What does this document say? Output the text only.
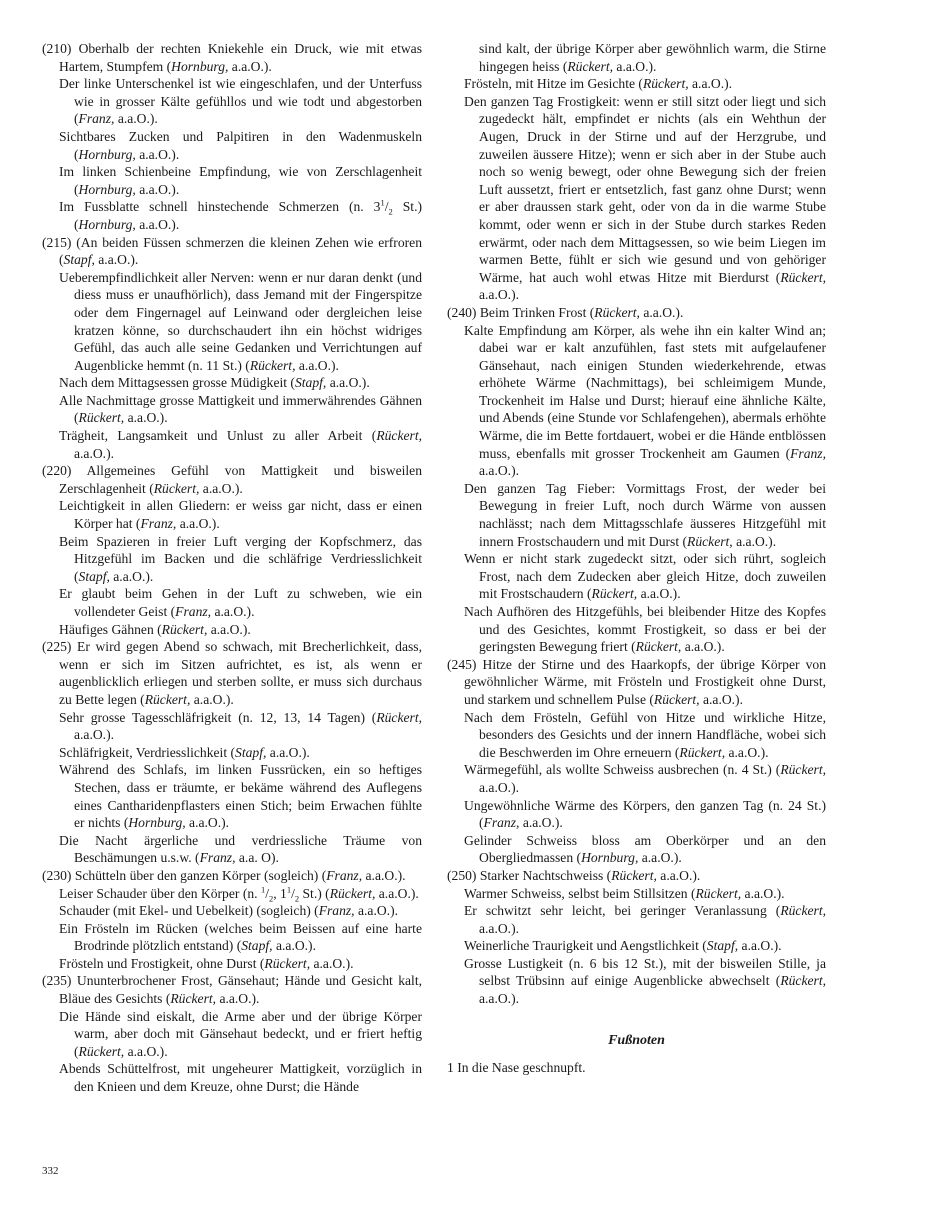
(210) Oberhalb der rechten Kniekehle ein Druck, wie mit etwas Hartem, Stumpfem (Hornburg, a.a.O.).

Der linke Unterschenkel ist wie eingeschlafen, und der Unterfuss wie in grosser Kälte gefühllos und wie todt und abgestorben (Franz, a.a.O.).

Sichtbares Zucken und Palpitiren in den Wadenmuskeln (Hornburg, a.a.O.).

Im linken Schienbeine Empfindung, wie von Zerschlagenheit (Hornburg, a.a.O.).

Im Fussblatte schnell hinstechende Schmerzen (n. $3^1/_2$ St.) (Hornburg, a.a.O.).

(215) (An beiden Füssen schmerzen die kleinen Zehen wie erfroren (Stapf, a.a.O.).

Ueberempfindlichkeit aller Nerven: wenn er nur daran denkt (und diess muss er unaufhörlich), dass Jemand mit der Fingerspitze oder dem Fingernagel auf Leinwand oder dergleichen leise kratzen könne, so durchschaudert ihn ein höchst widriges Gefühl, das auch alle seine Gedanken und Verrichtungen auf Augenblicke hemmt (n. 11 St.) (Rückert, a.a.O.).

Nach dem Mittagsessen grosse Müdigkeit (Stapf, a.a.O.).

Alle Nachmittage grosse Mattigkeit und immerwährendes Gähnen (Rückert, a.a.O.).

Trägheit, Langsamkeit und Unlust zu aller Arbeit (Rückert, a.a.O.).

(220) Allgemeines Gefühl von Mattigkeit und bisweilen Zerschlagenheit (Rückert, a.a.O.).

Leichtigkeit in allen Gliedern: er weiss gar nicht, dass er einen Körper hat (Franz, a.a.O.).

Beim Spazieren in freier Luft verging der Kopfschmerz, das Hitzgefühl im Backen und die schläfrige Verdriesslichkeit (Stapf, a.a.O.).

Er glaubt beim Gehen in der Luft zu schweben, wie ein vollendeter Geist (Franz, a.a.O.).

Häufiges Gähnen (Rückert, a.a.O.).

(225) Er wird gegen Abend so schwach, mit Brecherlichkeit, dass, wenn er sich im Sitzen aufrichtet, es ist, als wenn er augenblicklich erliegen und sterben sollte, er muss sich durchaus zu Bette legen (Rückert, a.a.O.).

Sehr grosse Tagesschläfrigkeit (n. 12, 13, 14 Tagen) (Rückert, a.a.O.).

Schläfrigkeit, Verdriesslichkeit (Stapf, a.a.O.).

Während des Schlafs, im linken Fussrücken, ein so heftiges Stechen, dass er träumte, er bekäme während des Auflegens eines Cantharidenpflasters einen Stich; beim Erwachen fühlte er nichts (Hornburg, a.a.O.).

Die Nacht ärgerliche und verdriessliche Träume von Beschämungen u.s.w. (Franz, a.a. O).

(230) Schütteln über den ganzen Körper (sogleich) (Franz, a.a.O.).

Leiser Schauder über den Körper (n. $^1/_2$, $1^1/_2$ St.) (Rückert, a.a.O.).

Schauder (mit Ekel- und Uebelkeit) (sogleich) (Franz, a.a.O.).

Ein Frösteln im Rücken (welches beim Beissen auf eine harte Brodrinde plötzlich entstand) (Stapf, a.a.O.).

Frösteln und Frostigkeit, ohne Durst (Rückert, a.a.O.).

(235) Ununterbrochener Frost, Gänsehaut; Hände und Gesicht kalt, Bläue des Gesichts (Rückert, a.a.O.).

Die Hände sind eiskalt, die Arme aber und der übrige Körper warm, aber doch mit Gänsehaut bedeckt, und er friert heftig (Rückert, a.a.O.).

Abends Schüttelfrost, mit ungeheurer Mattigkeit, vorzüglich in den Knieen und dem Kreuze, ohne Durst; die Hände

sind kalt, der übrige Körper aber gewöhnlich warm, die Stirne hingegen heiss (Rückert, a.a.O.).

Frösteln, mit Hitze im Gesichte (Rückert, a.a.O.).

Den ganzen Tag Frostigkeit: wenn er still sitzt oder liegt und sich zugedeckt hält, empfindet er nichts (als ein Wehthun der Augen, Druck in der Stirne und auf der Herzgrube, und zuweilen äussere Hitze); wenn er sich aber in der Stube auch noch so wenig bewegt, oder ohne Bewegung sich der freien Luft aussetzt, friert er entsetzlich, fast ganz ohne Durst; wenn er aber draussen stark geht, oder von da in die warme Stube kommt, oder wenn er sich in der Stube durch starkes Reden erwärmt, oder nach dem Mittagsessen, so wie beim Liegen im warmen Bette, fühlt er sich wie gesund und von gehöriger Wärme, hat auch wohl etwas Hitze mit Bierdurst (Rückert, a.a.O.).

(240) Beim Trinken Frost (Rückert, a.a.O.).

Kalte Empfindung am Körper, als wehe ihn ein kalter Wind an; dabei war er kalt anzufühlen, fast stets mit aufgelaufener Gänsehaut, nach einigen Stunden wiederkehrende, etwas erhöhete Wärme (Nachmittags), bei schleimigem Munde, Trockenheit im Halse und Durst; hierauf eine ähnliche Kälte, und Abends (eine Stunde vor Schlafengehen), abermals erhöhte Wärme, die im Bette fortdauert, wobei er die Hände entblössen muss, ebenfalls mit grosser Trockenheit am Gaumen (Franz, a.a.O.).

Den ganzen Tag Fieber: Vormittags Frost, der weder bei Bewegung in freier Luft, noch durch Wärme von aussen nachlässt; nach dem Mittagsschlafe äusseres Hitzgefühl mit innern Frostschaudern und mit Durst (Rückert, a.a.O.).

Wenn er nicht stark zugedeckt sitzt, oder sich rührt, sogleich Frost, nach dem Zudecken aber gleich Hitze, doch zuweilen mit Frostschaudern (Rückert, a.a.O.).

Nach Aufhören des Hitzgefühls, bei bleibender Hitze des Kopfes und des Gesichtes, kommt Frostigkeit, so dass er bei der geringsten Bewegung friert (Rückert, a.a.O.).

(245) Hitze der Stirne und des Haarkopfs, der übrige Körper von gewöhnlicher Wärme, mit Frösteln und Frostigkeit ohne Durst, und starkem und schnellem Pulse (Rückert, a.a.O.).

Nach dem Frösteln, Gefühl von Hitze und wirkliche Hitze, besonders des Gesichts und der innern Handfläche, wobei sich die Beschwerden im Ohre erneuern (Rückert, a.a.O.).

Wärmegefühl, als wollte Schweiss ausbrechen (n. 4 St.) (Rückert, a.a.O.).

Ungewöhnliche Wärme des Körpers, den ganzen Tag (n. 24 St.) (Franz, a.a.O.).

Gelinder Schweiss bloss am Oberkörper und an den Obergliedmassen (Hornburg, a.a.O.).

(250) Starker Nachtschweiss (Rückert, a.a.O.).

Warmer Schweiss, selbst beim Stillsitzen (Rückert, a.a.O.).

Er schwitzt sehr leicht, bei geringer Veranlassung (Rückert, a.a.O.).

Weinerliche Traurigkeit und Aengstlichkeit (Stapf, a.a.O.).

Grosse Lustigkeit (n. 6 bis 12 St.), mit der bisweilen Stille, ja selbst Trübsinn auf einige Augenblicke abwechselt (Rückert, a.a.O.).

Fußnoten

1 In die Nase geschnupft.

332
